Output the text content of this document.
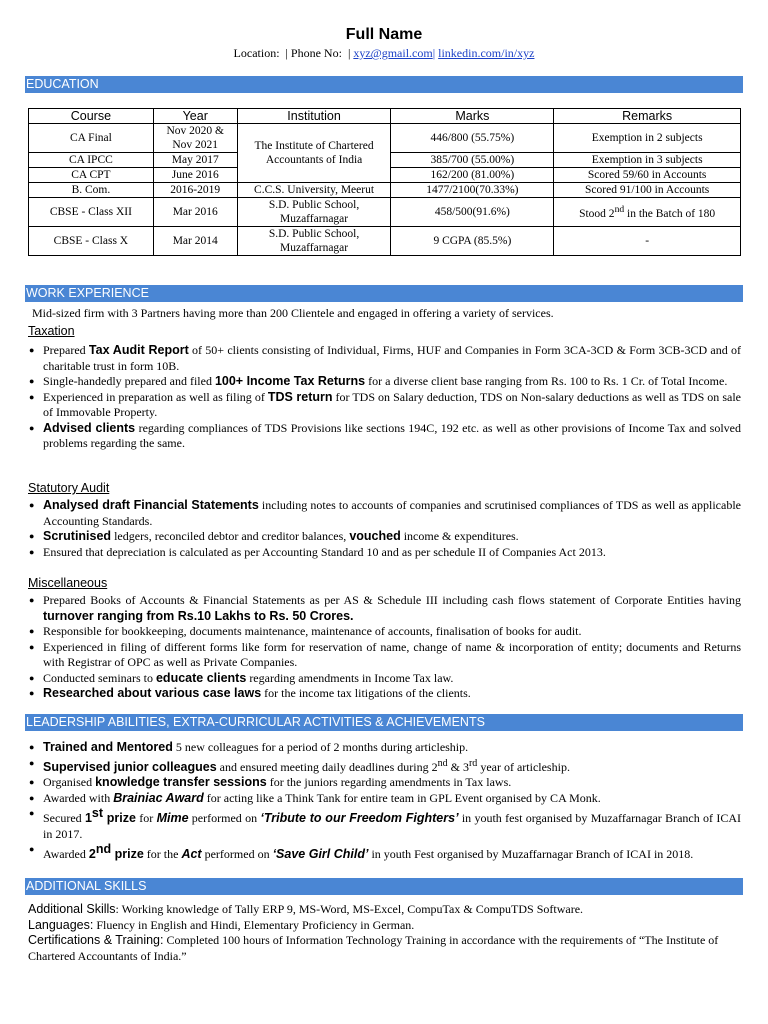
Full Name
Location: | Phone No: | xyz@gmail.com| linkedin.com/in/xyz
EDUCATION
Course	Year	Institution	Marks	Remarks
CA Final	Nov 2020 & Nov 2021	The Institute of Chartered Accountants of India	446/800 (55.75%)	Exemption in 2 subjects
CA IPCC	May 2017		385/700 (55.00%)	Exemption in 3 subjects
CA CPT	June 2016		162/200 (81.00%)	Scored 59/60 in Accounts
B. Com.	2016-2019	C.C.S. University, Meerut	1477/2100(70.33%)	Scored 91/100 in Accounts
CBSE - Class XII	Mar 2016	S.D. Public School, Muzaffarnagar	458/500(91.6%)	Stood 2nd in the Batch of 180
CBSE - Class X	Mar 2014	S.D. Public School, Muzaffarnagar	9 CGPA (85.5%)	-
WORK EXPERIENCE
Mid-sized firm with 3 Partners having more than 200 Clientele and engaged in offering a variety of services.
Taxation
● Prepared Tax Audit Report of 50+ clients consisting of Individual, Firms, HUF and Companies in Form 3CA-3CD & Form 3CB-3CD and of charitable trust in form 10B.
● Single-handedly prepared and filed 100+ Income Tax Returns for a diverse client base ranging from Rs. 100 to Rs. 1 Cr. of Total Income.
● Experienced in preparation as well as filing of TDS return for TDS on Salary deduction, TDS on Non-salary deductions as well as TDS on sale of Immovable Property.
● Advised clients regarding compliances of TDS Provisions like sections 194C, 192 etc. as well as other provisions of Income Tax and solved problems regarding the same.
Statutory Audit
● Analysed draft Financial Statements including notes to accounts of companies and scrutinised compliances of TDS as well as applicable Accounting Standards.
● Scrutinised ledgers, reconciled debtor and creditor balances, vouched income & expenditures.
● Ensured that depreciation is calculated as per Accounting Standard 10 and as per schedule II of Companies Act 2013.
Miscellaneous
● Prepared Books of Accounts & Financial Statements as per AS & Schedule III including cash flows statement of Corporate Entities having turnover ranging from Rs.10 Lakhs to Rs. 50 Crores.
● Responsible for bookkeeping, documents maintenance, maintenance of accounts, finalisation of books for audit.
● Experienced in filing of different forms like form for reservation of name, change of name & incorporation of entity; documents and Returns with Registrar of OPC as well as Private Companies.
● Conducted seminars to educate clients regarding amendments in Income Tax law.
● Researched about various case laws for the income tax litigations of the clients.
LEADERSHIP ABILITIES, EXTRA-CURRICULAR ACTIVITIES & ACHIEVEMENTS
● Trained and Mentored 5 new colleagues for a period of 2 months during articleship.
● Supervised junior colleagues and ensured meeting daily deadlines during 2nd & 3rd year of articleship.
● Organised knowledge transfer sessions for the juniors regarding amendments in Tax laws.
● Awarded with Brainiac Award for acting like a Think Tank for entire team in GPL Event organised by CA Monk.
● Secured 1st prize for Mime performed on ‘Tribute to our Freedom Fighters’ in youth fest organised by Muzaffarnagar Branch of ICAI in 2017.
● Awarded 2nd prize for the Act performed on ‘Save Girl Child’ in youth Fest organised by Muzaffarnagar Branch of ICAI in 2018.
ADDITIONAL SKILLS
Additional Skills: Working knowledge of Tally ERP 9, MS-Word, MS-Excel, CompuTax & CompuTDS Software.
Languages: Fluency in English and Hindi, Elementary Proficiency in German.
Certifications & Training: Completed 100 hours of Information Technology Training in accordance with the requirements of “The Institute of Chartered Accountants of India.”
